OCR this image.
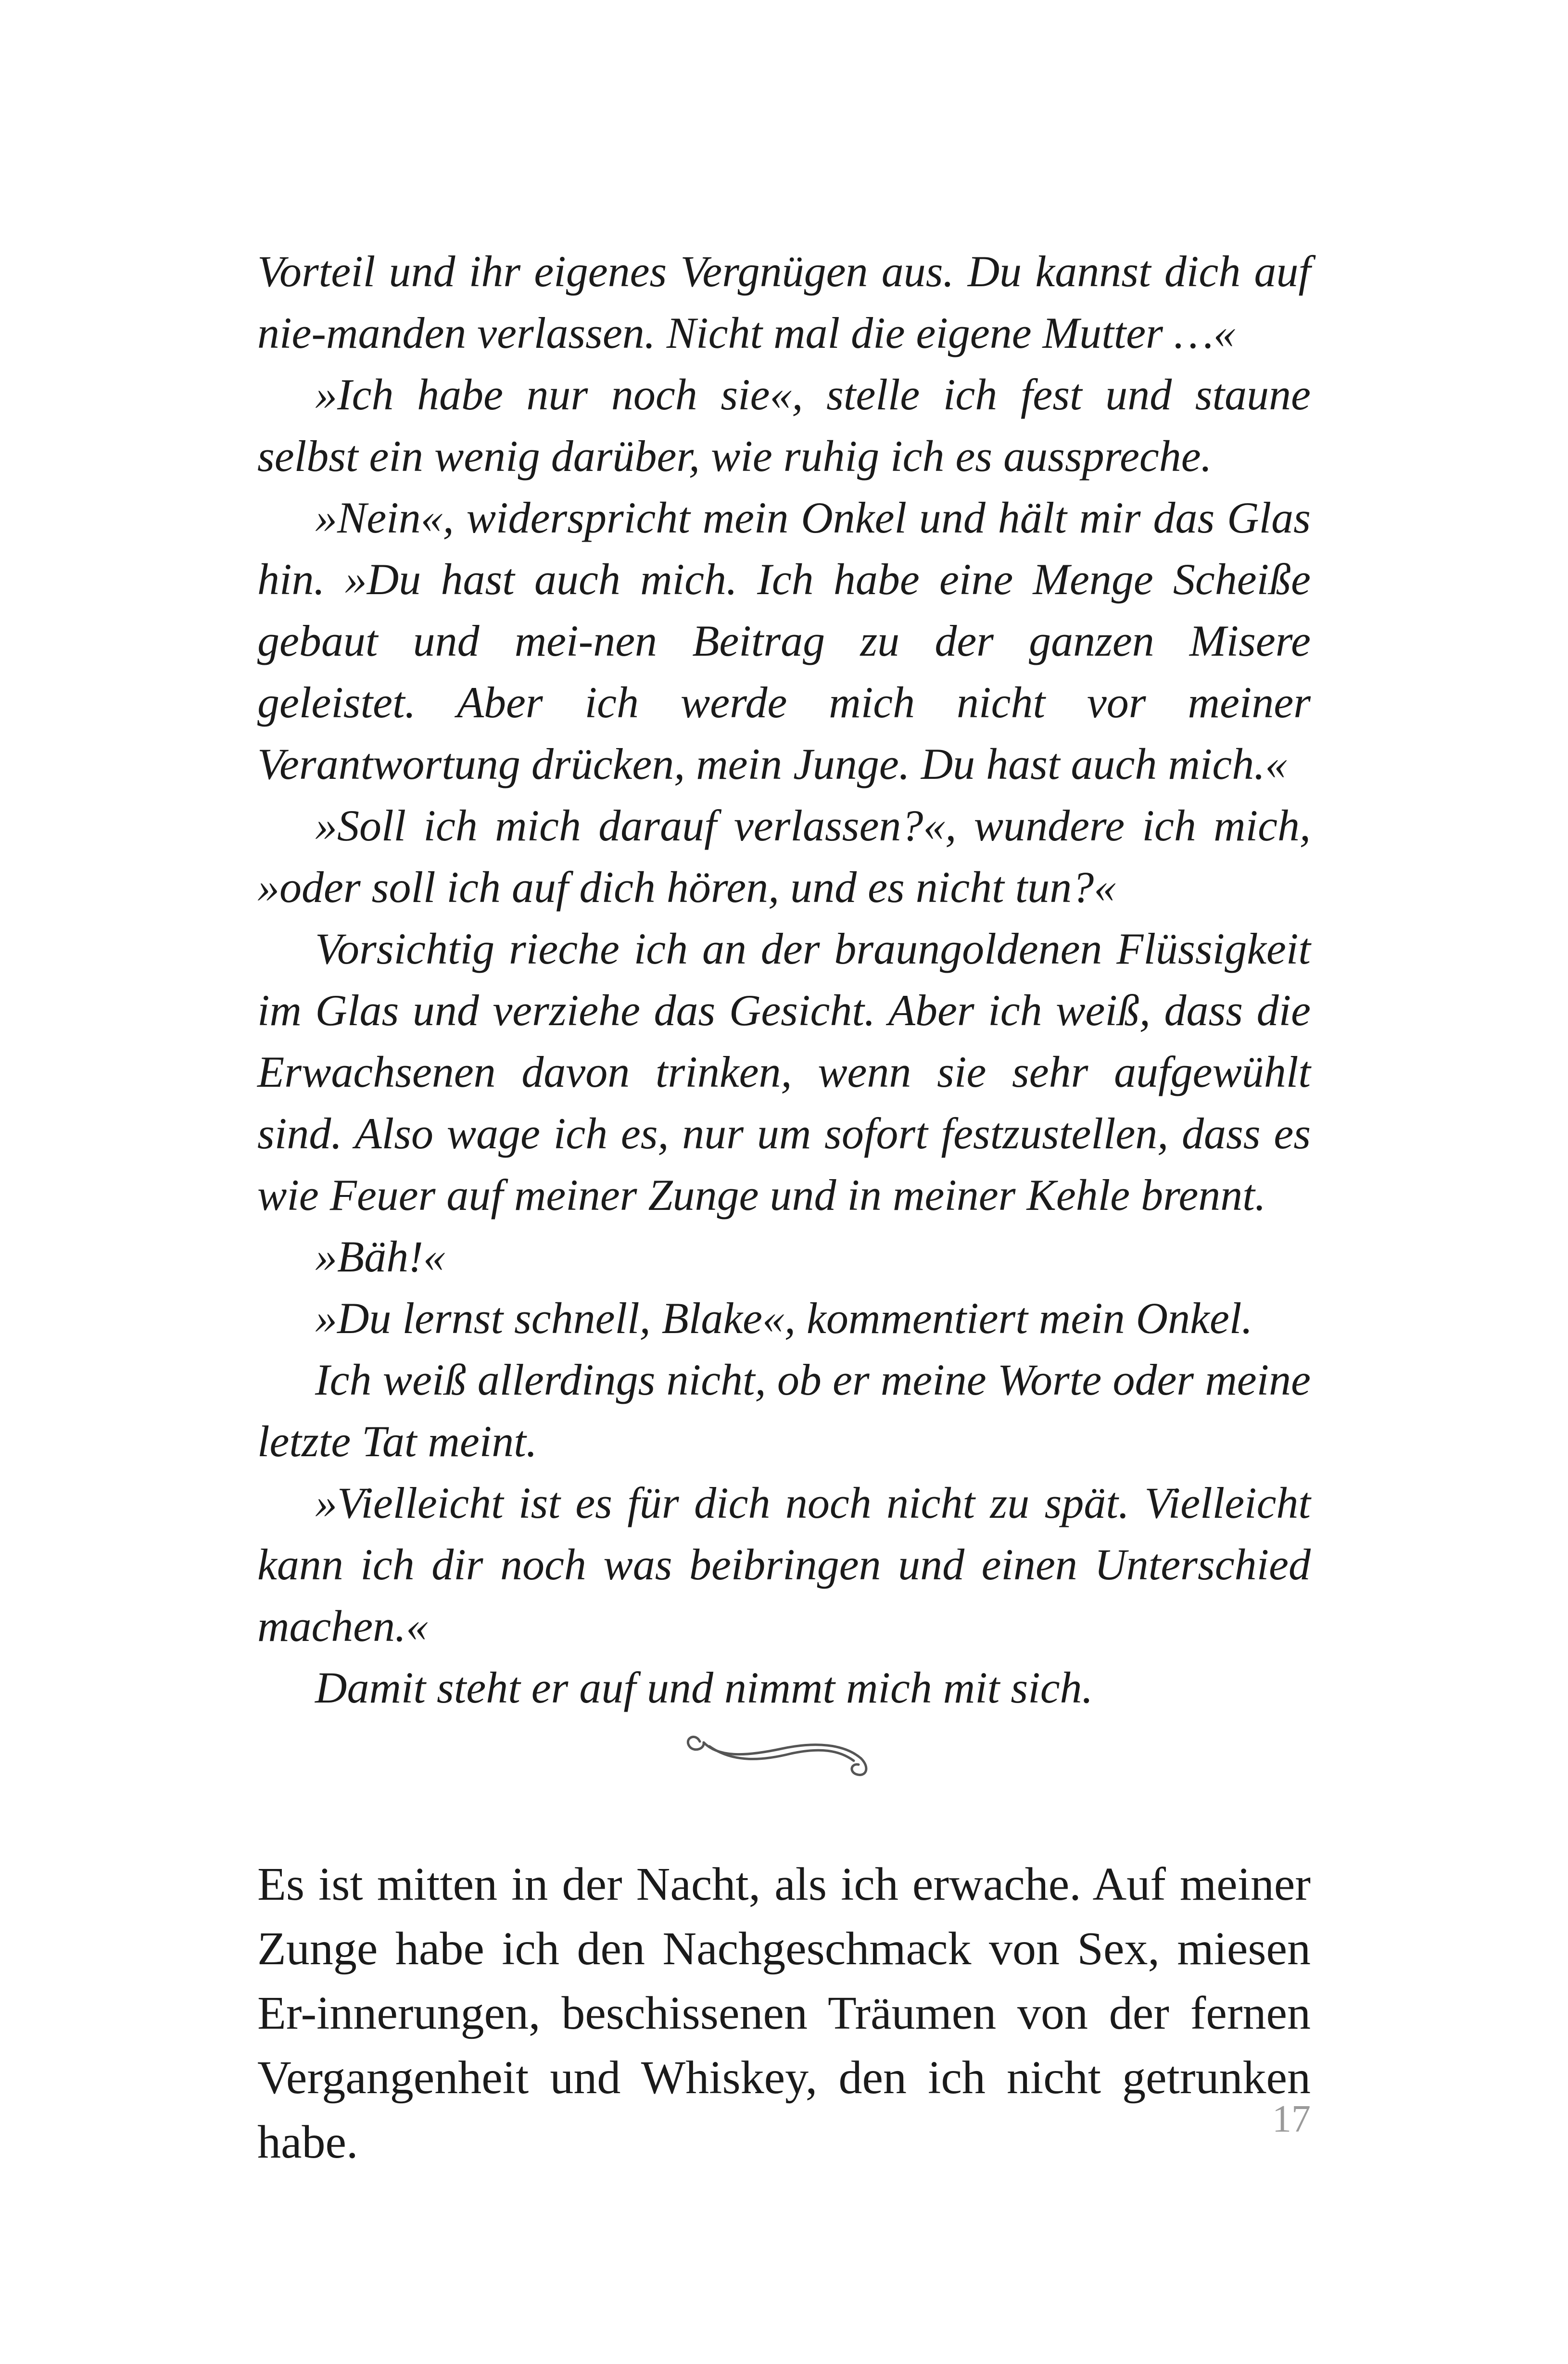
Vorteil und ihr eigenes Vergnügen aus. Du kannst dich auf nie-manden verlassen. Nicht mal die eigene Mutter …«

»Ich habe nur noch sie«, stelle ich fest und staune selbst ein wenig darüber, wie ruhig ich es ausspreche.

»Nein«, widerspricht mein Onkel und hält mir das Glas hin. »Du hast auch mich. Ich habe eine Menge Scheiße gebaut und mei-nen Beitrag zu der ganzen Misere geleistet. Aber ich werde mich nicht vor meiner Verantwortung drücken, mein Junge. Du hast auch mich.«

»Soll ich mich darauf verlassen?«, wundere ich mich, »oder soll ich auf dich hören, und es nicht tun?«

Vorsichtig rieche ich an der braungoldenen Flüssigkeit im Glas und verziehe das Gesicht. Aber ich weiß, dass die Erwachsenen davon trinken, wenn sie sehr aufgewühlt sind. Also wage ich es, nur um sofort festzustellen, dass es wie Feuer auf meiner Zunge und in meiner Kehle brennt.

»Bäh!«

»Du lernst schnell, Blake«, kommentiert mein Onkel.

Ich weiß allerdings nicht, ob er meine Worte oder meine letzte Tat meint.

»Vielleicht ist es für dich noch nicht zu spät. Vielleicht kann ich dir noch was beibringen und einen Unterschied machen.«

Damit steht er auf und nimmt mich mit sich.

Es ist mitten in der Nacht, als ich erwache. Auf meiner Zunge habe ich den Nachgeschmack von Sex, miesen Er-innerungen, beschissenen Träumen von der fernen Vergangenheit und Whiskey, den ich nicht getrunken habe.	17
